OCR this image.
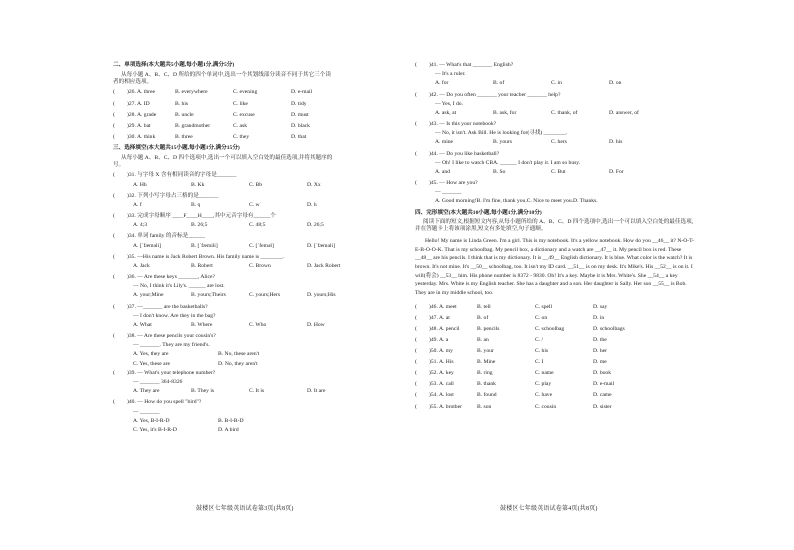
二、单项选择(本大题共5小题,每小题1分,满分5分)
从每小题 A、B、C、D 所给的四个单词中,选出一个其划线部分读音不同于其它三个读
者的相应选项。
(	)26. A. three	B. everywhere	C. evening	D. e-mail
(	)27. A. ID	B. his	C. like	D. tidy
(	)28. A. grade	B. uncle	C. excuse	D. must
(	)29. A. bat	B. grandmother	C. ask	D. black
(	)30. A. think	B. three	C. they	D. that
三、选择填空(本大题共15小题,每小题1分,满分15分)
从每小题 A、B、C、D 四个选项中,选出一个可以填入空白处的最佳选项,并将其题序的
号。
(	)31. 与字母 X 含有相同读音的字母是_______
A. Hh	B. Kk	C. Bb	D. Xx
(	)32. 下列小写字母占三格的是_______
A. f	B. q	C. w	D. h
(	)33. 完成字母顺序 ____F____H____,其中元音字母有______个
A. 4;3	B. 26;5	C. 48;5	D. 26;5
(	)34. 单词 family 的音标是______
A. [ˈfæməli]	B. [ˈfæmili]	C. [ˈfeməl]	D. [ˈfæməli]
(	)35. —His name is Jack Robert Brown. His family name is ________.
A. Jack	B. Robert	C. Brown	D. Jack Robert
(	)36. — Are these keys _______, Alice?
— No, I think it's Lily's. ______ are lost.
A. your;Mine	B. yours;Theirs	C. yours;Hers	D. yours;His
(	)37. —_______ are the basketballs?
— I don't know. Are they in the bag?
A. What	B. Where	C. Who	D. How
(	)38. — Are these pencils your cousin's?
— _______. They are my friend's.
A. Yes, they are	B. No, these aren't
C. Yes, these are	D. No, they aren't
(	)39. — What's your telephone number?
— _______ 364-8326
A. They are	B. They is	C. It is	D. It are
(	)40. — How do you spell "bird"?
— _______
A. Yes, B-I-R-D	B. B-I-R-D
C. Yes, it's B-I-R-D	D. A bird
(	)41. — What's that _______ English?
— It's a ruler.
A. for	B. of	C. in	D. on
(	)42. — Do you often _______ your teacher _______ help?
— Yes, I do.
A. ask, at	B. ask, for	C. thank, of	D. answer, of
(	)43. — Is this your notebook?
— No, it isn't. Ask Bill. He is looking for(寻找) ________.
A. mine	B. yours	C. hers	D. his
(	)44. — Do you like basketball?
— Oh! I like to watch CBA. ______ I don't play it. I am so busy.
A. and	B. So	C. But	D. For
(	)45. — How are you?
— _______
A. Good morning! B. I'm fine, thank you. C. Nice to meet you. D. Thanks.
四、完形填空(本大题共10小题,每小题1分,满分10分)
阅读下面的短文,根据短文内容,从每小题所给的 A、B、C、D 四个选项中,选出一个可以填入空白处的最佳选项,并在答题卡上将该项涂黑,短文有多处填空,句子通顺。
Hello! My name is Linda Green. I'm a girl. This is my notebook. It's a yellow notebook. How do you __46__ it? N-O-T-E-B-O-O-K. That is my schoolbag. My pencil box, a dictionary and a watch are __47__ it. My pencil box is red. These __48__ are his pencils. I think that is my dictionary. It is __49__ English dictionary. It is blue. What color is the watch? It is brown. It's not mine. It's __50__ schoolbag, too. It isn't my ID card. __51__ is on my desk. It's Mike's. His __52__ is on it. I will(将会) __53__ him. His phone number is 8372 - 9830. Oh! It's a key. Maybe it is Mrs. White's. She __54__ a key yesterday. Mrs. White is my English teacher. She has a daughter and a son. Her daughter is Sally. Her son __55__ is Bob. They are in my middle school, too.
(	)46. A. meet	B. tell	C. spell	D. say
(	)47. A. at	B. of	C. on	D. in
(	)48. A. pencil	B. pencils	C. schoolbag	D. schoolbags
(	)49. A. a	B. an	C. /	D. the
(	)50. A. my	B. your	C. his	D. her
(	)51. A. His	B. Mine	C. I	D. me
(	)52. A. key	B. ring	C. name	D. book
(	)53. A. call	B. thank	C. play	D. e-mail
(	)54. A. lost	B. found	C. have	D. came
(	)55. A. brother	B. son	C. cousin	D. sister
鼓楼区七年级英语试卷第3页(共8页)	鼓楼区七年级英语试卷第4页(共8页)
